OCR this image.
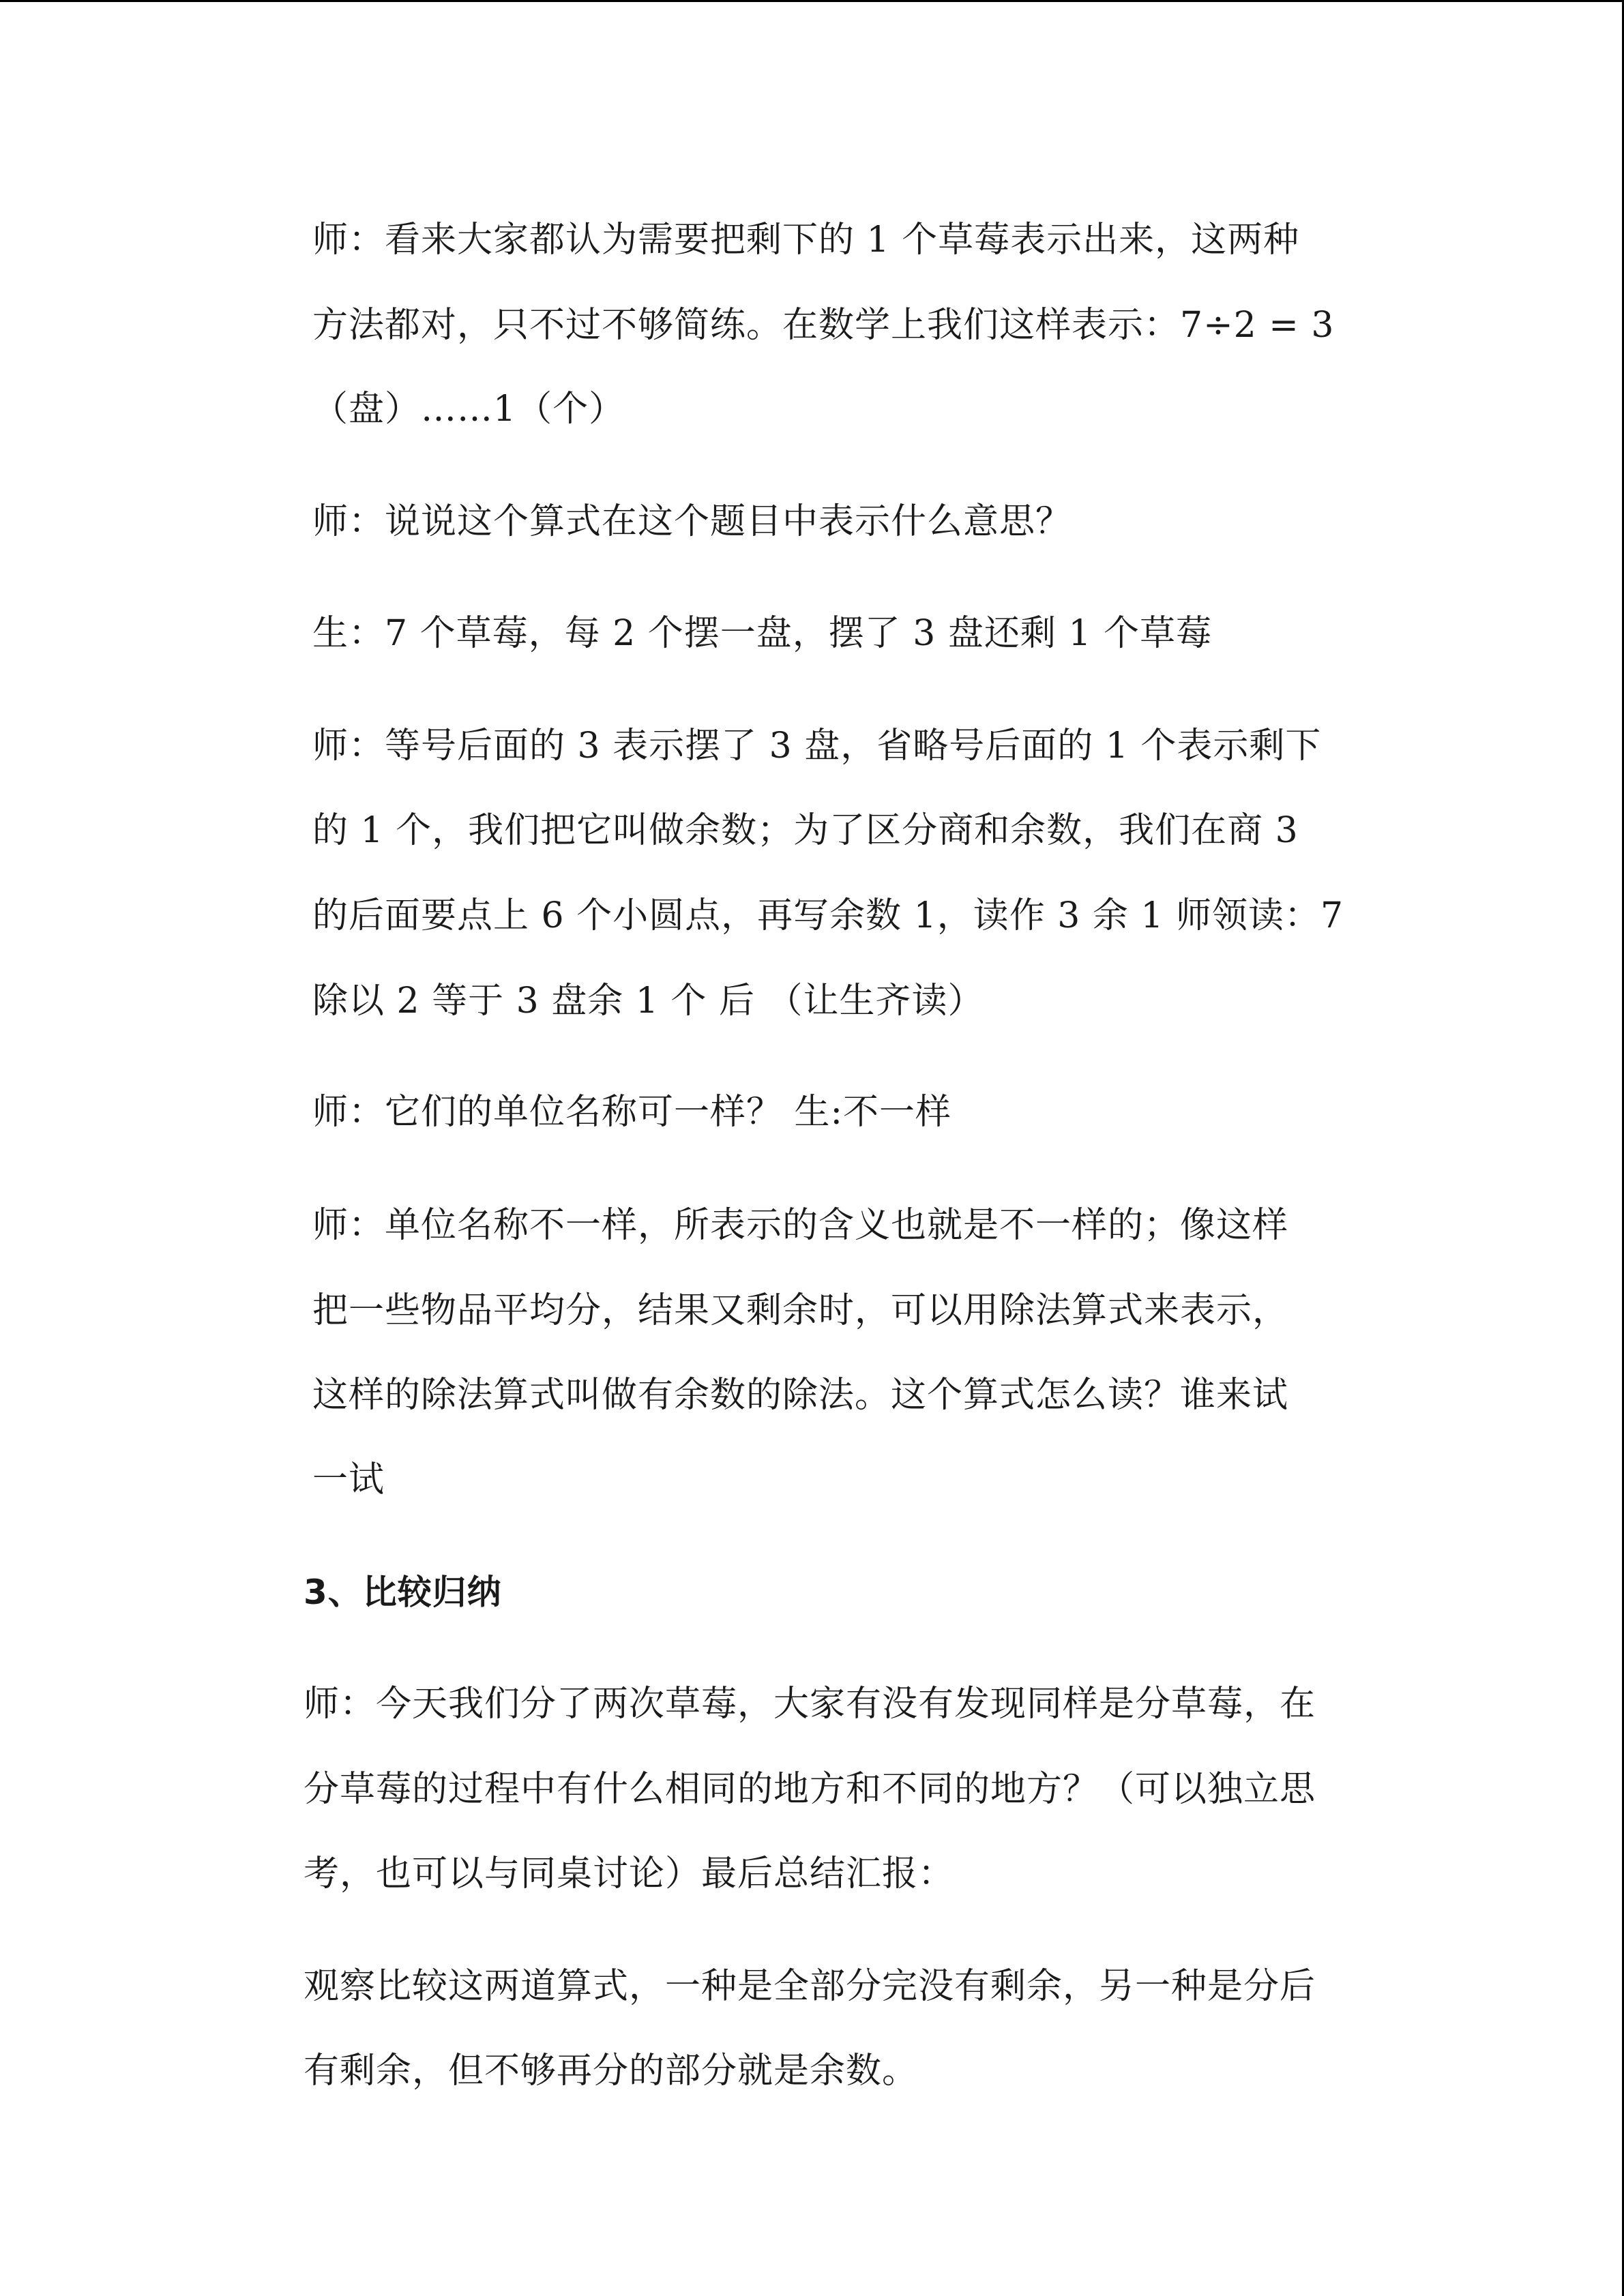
师：看来大家都认为需要把剩下的 1 个草莓表示出来，这两种
方法都对，只不过不够简练。在数学上我们这样表示：7÷2 = 3
（盘）……1（个）
师：说说这个算式在这个题目中表示什么意思？
生：7 个草莓，每 2 个摆一盘，摆了 3 盘还剩 1 个草莓
师：等号后面的 3 表示摆了 3 盘，省略号后面的 1 个表示剩下
的 1 个，我们把它叫做余数；为了区分商和余数，我们在商 3
的后面要点上 6 个小圆点，再写余数 1，读作 3 余 1 师领读：7
除以 2 等于 3 盘余 1 个 后 （让生齐读）
师：它们的单位名称可一样？ 生:不一样
师：单位名称不一样，所表示的含义也就是不一样的；像这样
把一些物品平均分，结果又剩余时，可以用除法算式来表示，
这样的除法算式叫做有余数的除法。这个算式怎么读？谁来试
一试
3、比较归纳
师：今天我们分了两次草莓，大家有没有发现同样是分草莓，在
分草莓的过程中有什么相同的地方和不同的地方？（可以独立思
考，也可以与同桌讨论）最后总结汇报：
观察比较这两道算式，一种是全部分完没有剩余，另一种是分后
有剩余，但不够再分的部分就是余数。
